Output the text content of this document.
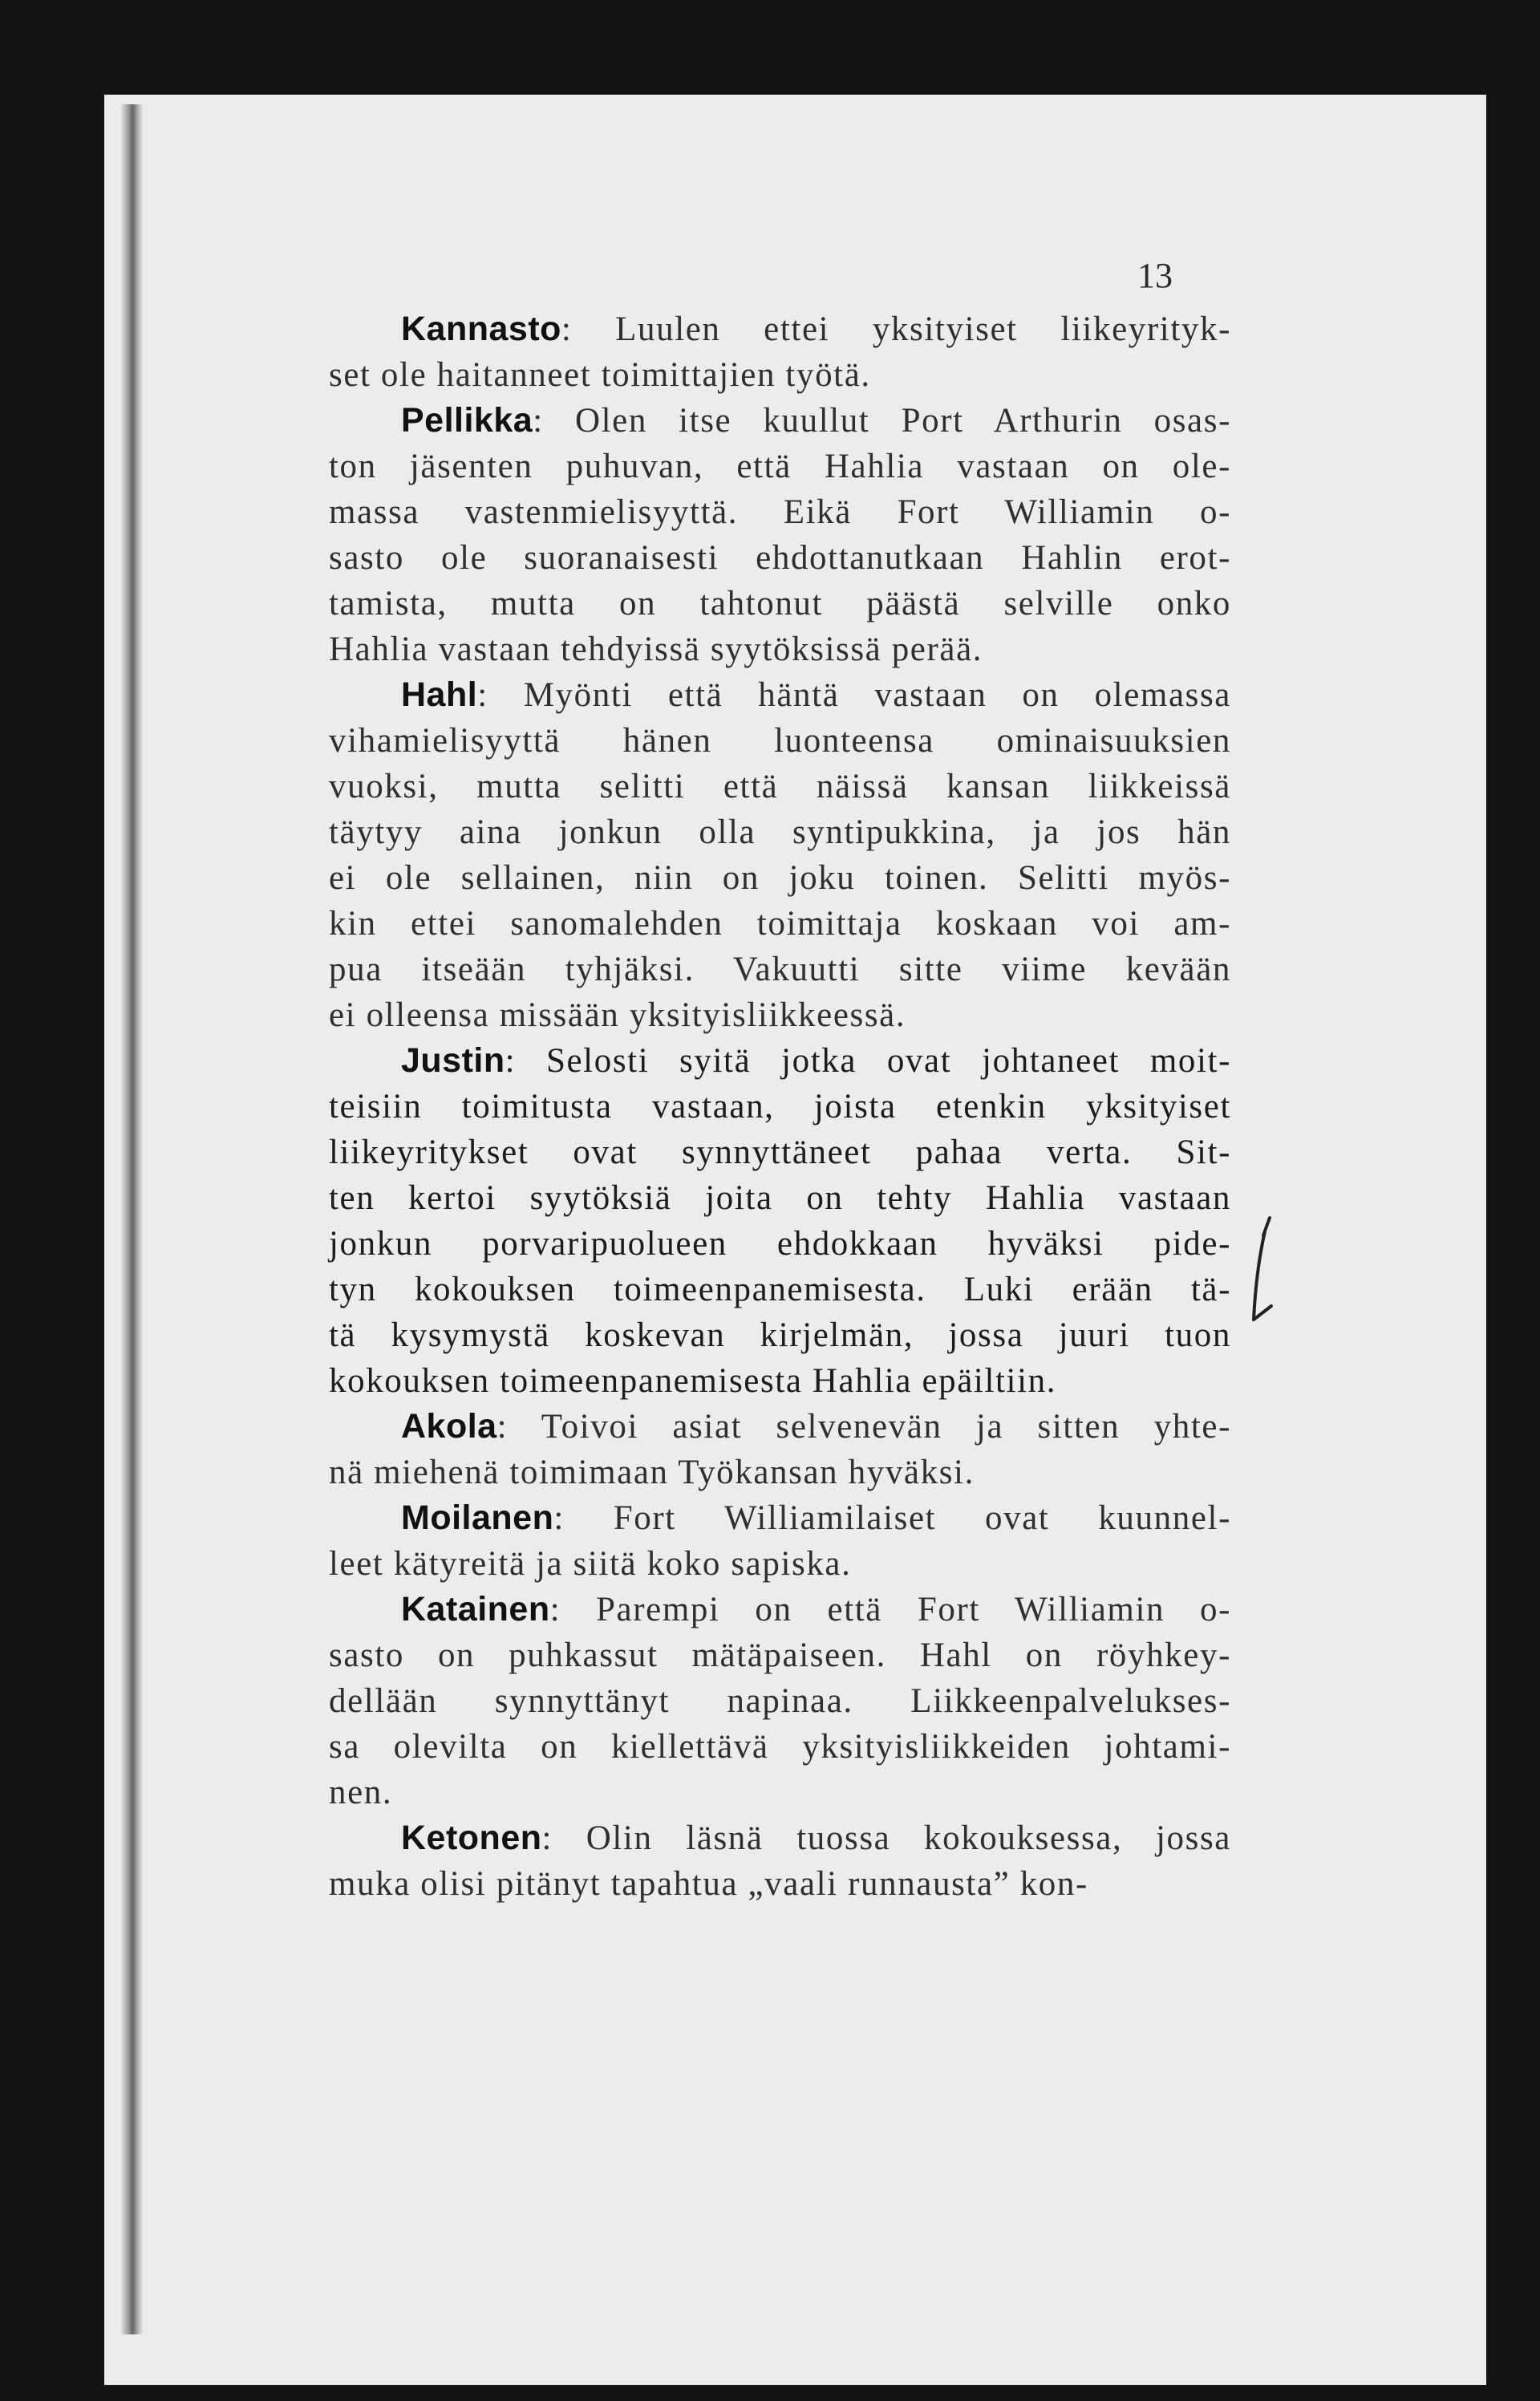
13
Kannasto: Luulen ettei yksityiset liikeyrityk-
set ole haitanneet toimittajien työtä.
Pellikka: Olen itse kuullut Port Arthurin osas-
ton jäsenten puhuvan, että Hahlia vastaan on ole-
massa vastenmielisyyttä. Eikä Fort Williamin o-
sasto ole suoranaisesti ehdottanutkaan Hahlin erot-
tamista, mutta on tahtonut päästä selville onko
Hahlia vastaan tehdyissä syytöksissä perää.
Hahl: Myönti että häntä vastaan on olemassa
vihamielisyyttä hänen luonteensa ominaisuuksien
vuoksi, mutta selitti että näissä kansan liikkeissä
täytyy aina jonkun olla syntipukkina, ja jos hän
ei ole sellainen, niin on joku toinen. Selitti myös-
kin ettei sanomalehden toimittaja koskaan voi am-
pua itseään tyhjäksi. Vakuutti sitte viime kevään
ei olleensa missään yksityisliikkeessä.
Justin: Selosti syitä jotka ovat johtaneet moit-
teisiin toimitusta vastaan, joista etenkin yksityiset
liikeyritykset ovat synnyttäneet pahaa verta. Sit-
ten kertoi syytöksiä joita on tehty Hahlia vastaan
jonkun porvaripuolueen ehdokkaan hyväksi pide-
tyn kokouksen toimeenpanemisesta. Luki erään tä-
tä kysymystä koskevan kirjelmän, jossa juuri tuon
kokouksen toimeenpanemisesta Hahlia epäiltiin.
Akola: Toivoi asiat selvenevän ja sitten yhte-
nä miehenä toimimaan Työkansan hyväksi.
Moilanen: Fort Williamilaiset ovat kuunnel-
leet kätyreitä ja siitä koko sapiska.
Katainen: Parempi on että Fort Williamin o-
sasto on puhkassut mätäpaiseen. Hahl on röyhkey-
dellään synnyttänyt napinaa. Liikkeenpalvelukses-
sa olevilta on kiellettävä yksityisliikkeiden johtami-
nen.
Ketonen: Olin läsnä tuossa kokouksessa, jossa
muka olisi pitänyt tapahtua „vaali runnausta” kon-
